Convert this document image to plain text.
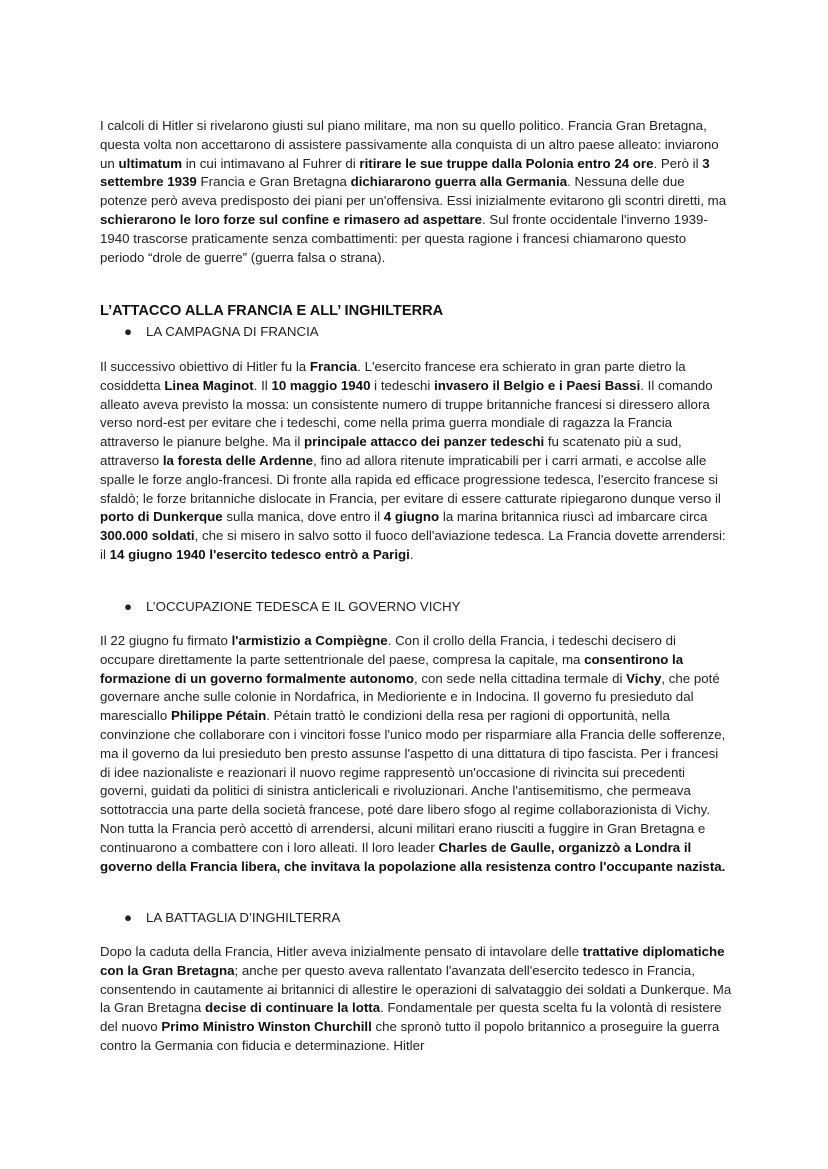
I calcoli di Hitler si rivelarono giusti sul piano militare, ma non su quello politico. Francia Gran Bretagna, questa volta non accettarono di assistere passivamente alla conquista di un altro paese alleato: inviarono un ultimatum in cui intimavano al Fuhrer di ritirare le sue truppe dalla Polonia entro 24 ore. Però il 3 settembre 1939 Francia e Gran Bretagna dichiararono guerra alla Germania. Nessuna delle due potenze però aveva predisposto dei piani per un'offensiva. Essi inizialmente evitarono gli scontri diretti, ma schierarono le loro forze sul confine e rimasero ad aspettare. Sul fronte occidentale l'inverno 1939-1940 trascorse praticamente senza combattimenti: per questa ragione i francesi chiamarono questo periodo “drole de guerre” (guerra falsa o strana).

L’ATTACCO ALLA FRANCIA E ALL’ INGHILTERRA

● LA CAMPAGNA DI FRANCIA

Il successivo obiettivo di Hitler fu la Francia. L'esercito francese era schierato in gran parte dietro la cosiddetta Linea Maginot. Il 10 maggio 1940 i tedeschi invasero il Belgio e i Paesi Bassi. Il comando alleato aveva previsto la mossa: un consistente numero di truppe britanniche francesi si diressero allora verso nord-est per evitare che i tedeschi, come nella prima guerra mondiale di ragazza la Francia attraverso le pianure belghe. Ma il principale attacco dei panzer tedeschi fu scatenato più a sud, attraverso la foresta delle Ardenne, fino ad allora ritenute impraticabili per i carri armati, e accolse alle spalle le forze anglo-francesi. Di fronte alla rapida ed efficace progressione tedesca, l'esercito francese si sfaldò; le forze britanniche dislocate in Francia, per evitare di essere catturate ripiegarono dunque verso il porto di Dunkerque sulla manica, dove entro il 4 giugno la marina britannica riuscì ad imbarcare circa 300.000 soldati, che si misero in salvo sotto il fuoco dell'aviazione tedesca. La Francia dovette arrendersi: il 14 giugno 1940 l'esercito tedesco entrò a Parigi.

● L’OCCUPAZIONE TEDESCA E IL GOVERNO VICHY

Il 22 giugno fu firmato l'armistizio a Compiègne. Con il crollo della Francia, i tedeschi decisero di occupare direttamente la parte settentrionale del paese, compresa la capitale, ma consentirono la formazione di un governo formalmente autonomo, con sede nella cittadina termale di Vichy, che poté governare anche sulle colonie in Nordafrica, in Medioriente e in Indocina. Il governo fu presieduto dal maresciallo Philippe Pétain. Pétain trattò le condizioni della resa per ragioni di opportunità, nella convinzione che collaborare con i vincitori fosse l'unico modo per risparmiare alla Francia delle sofferenze, ma il governo da lui presieduto ben presto assunse l'aspetto di una dittatura di tipo fascista. Per i francesi di idee nazionaliste e reazionari il nuovo regime rappresentò un'occasione di rivincita sui precedenti governi, guidati da politici di sinistra anticlericali e rivoluzionari. Anche l'antisemitismo, che permeava sottotraccia una parte della società francese, poté dare libero sfogo al regime collaborazionista di Vichy. Non tutta la Francia però accettò di arrendersi, alcuni militari erano riusciti a fuggire in Gran Bretagna e continuarono a combattere con i loro alleati. Il loro leader Charles de Gaulle, organizzò a Londra il governo della Francia libera, che invitava la popolazione alla resistenza contro l'occupante nazista.

● LA BATTAGLIA D’INGHILTERRA

Dopo la caduta della Francia, Hitler aveva inizialmente pensato di intavolare delle trattative diplomatiche con la Gran Bretagna; anche per questo aveva rallentato l'avanzata dell'esercito tedesco in Francia, consentendo in cautamente ai britannici di allestire le operazioni di salvataggio dei soldati a Dunkerque. Ma la Gran Bretagna decise di continuare la lotta. Fondamentale per questa scelta fu la volontà di resistere del nuovo Primo Ministro Winston Churchill che spronò tutto il popolo britannico a proseguire la guerra contro la Germania con fiducia e determinazione. Hitler
